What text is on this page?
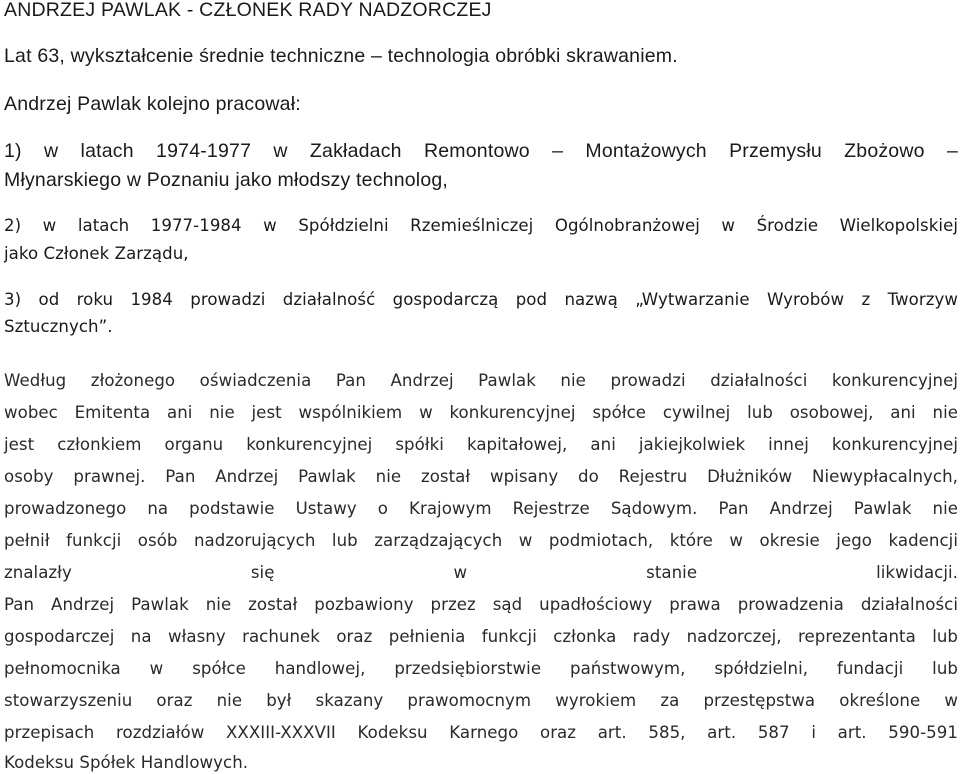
ANDRZEJ PAWLAK - CZŁONEK RADY NADZORCZEJ
Lat 63, wykształcenie średnie techniczne – technologia obróbki skrawaniem.
Andrzej Pawlak kolejno pracował:
1) w latach 1974-1977 w Zakładach Remontowo – Montażowych Przemysłu Zbożowo –
Młynarskiego w Poznaniu jako młodszy technolog,
2) w latach 1977-1984 w Spółdzielni Rzemieślniczej Ogólnobranżowej w Środzie Wielkopolskiej
jako Członek Zarządu,
3) od roku 1984 prowadzi działalność gospodarczą pod nazwą „Wytwarzanie Wyrobów z Tworzyw
Sztucznych”.
Według złożonego oświadczenia Pan Andrzej Pawlak nie prowadzi działalności konkurencyjnej
wobec Emitenta ani nie jest wspólnikiem w konkurencyjnej spółce cywilnej lub osobowej, ani nie
jest członkiem organu konkurencyjnej spółki kapitałowej, ani jakiejkolwiek innej konkurencyjnej
osoby prawnej. Pan Andrzej Pawlak nie został wpisany do Rejestru Dłużników Niewypłacalnych,
prowadzonego na podstawie Ustawy o Krajowym Rejestrze Sądowym. Pan Andrzej Pawlak nie
pełnił funkcji osób nadzorujących lub zarządzających w podmiotach, które w okresie jego kadencji
znalazły się w stanie likwidacji.
Pan Andrzej Pawlak nie został pozbawiony przez sąd upadłościowy prawa prowadzenia działalności
gospodarczej na własny rachunek oraz pełnienia funkcji członka rady nadzorczej, reprezentanta lub
pełnomocnika w spółce handlowej, przedsiębiorstwie państwowym, spółdzielni, fundacji lub
stowarzyszeniu oraz nie był skazany prawomocnym wyrokiem za przestępstwa określone w
przepisach rozdziałów XXXIII-XXXVII Kodeksu Karnego oraz art. 585, art. 587 i art. 590-591
Kodeksu Spółek Handlowych.
